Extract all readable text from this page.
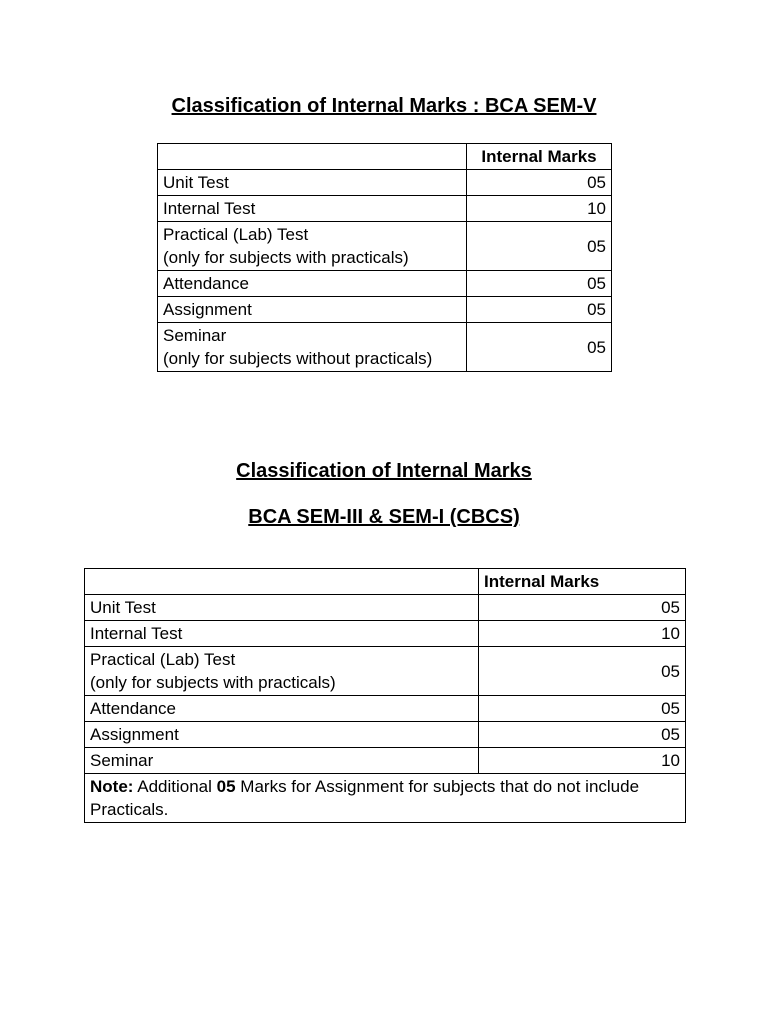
Classification of Internal Marks : BCA SEM-V
	Internal Marks
Unit Test	05
Internal Test	10

Practical (Lab) Test
(only for subjects with practicals)	05
Attendance	05
Assignment	05

Seminar
(only for subjects without practicals)	05
Classification of Internal Marks
BCA SEM-III & SEM-I (CBCS)
	Internal Marks
Unit Test	05
Internal Test	10

Practical (Lab) Test
(only for subjects with practicals)	05
Attendance	05
Assignment	05
Seminar	10
Note: Additional 05 Marks for Assignment for subjects that do not include Practicals.	
